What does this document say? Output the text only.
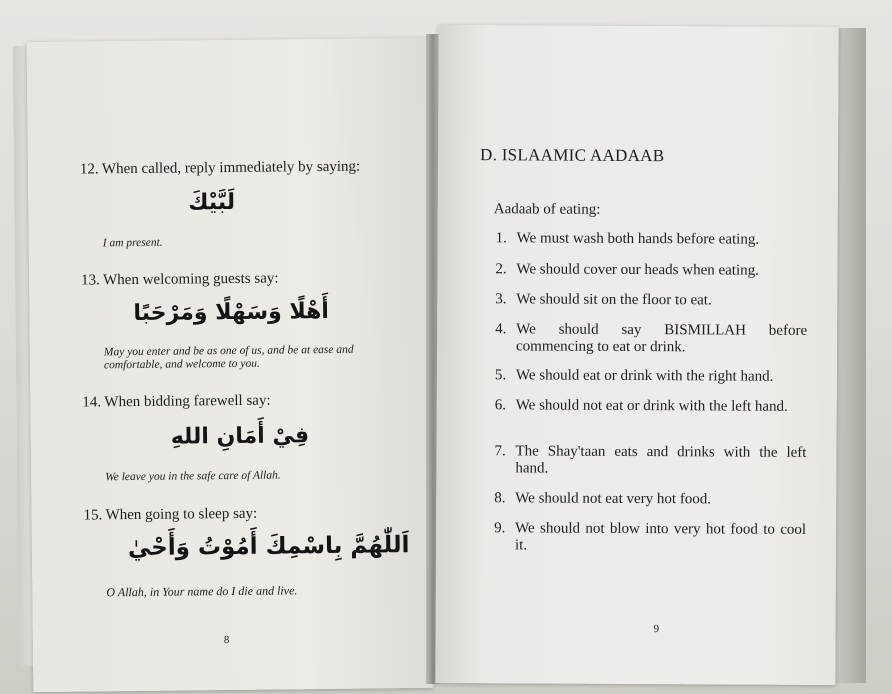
12. When called, reply immediately by saying:
لَبَّيْكَ
I am present.
13. When welcoming guests say:
أَهْلًا وَسَهْلًا وَمَرْحَبًا
May you enter and be as one of us, and be at ease and comfortable, and welcome to you.
14. When bidding farewell say:
فِيْ أَمَانِ اللهِ
We leave you in the safe care of Allah.
15. When going to sleep say:
اَللّٰهُمَّ بِاسْمِكَ أَمُوْتُ وَأَحْيٰ
O Allah, in Your name do I die and live.
8
D. ISLAAMIC AADAAB
Aadaab of eating:
1. We must wash both hands before eating.
2. We should cover our heads when eating.
3. We should sit on the floor to eat.
4. We should say BISMILLAH before commencing to eat or drink.
5. We should eat or drink with the right hand.
6. We should not eat or drink with the left hand.
7. The Shay'taan eats and drinks with the left hand.
8. We should not eat very hot food.
9. We should not blow into very hot food to cool it.
9
